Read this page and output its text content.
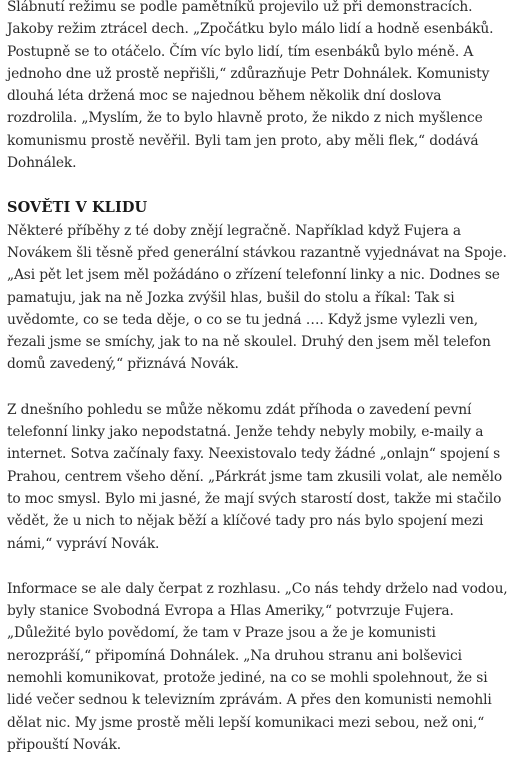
Slábnutí režimu se podle pamětníků projevilo už při demonstracích. Jakoby režim ztrácel dech. „Zpočátku bylo málo lidí a hodně esenbáků. Postupně se to otáčelo. Čím víc bylo lidí, tím esenbáků bylo méně. A jednoho dne už prostě nepřišli,“ zdůrazňuje Petr Dohnálek. Komunisty dlouhá léta držená moc se najednou během několik dní doslova rozdrolila. „Myslím, že to bylo hlavně proto, že nikdo z nich myšlence komunismu prostě nevěřil. Byli tam jen proto, aby měli flek,“ dodává Dohnálek.

SOVĚTI V KLIDU

Některé příběhy z té doby znějí legračně. Například když Fujera a Novákem šli těsně před generální stávkou razantně vyjednávat na Spoje. „Asi pět let jsem měl požádáno o zřízení telefonní linky a nic. Dodnes se pamatuju, jak na ně Jozka zvýšil hlas, bušil do stolu a říkal: Tak si uvědomte, co se teda děje, o co se tu jedná …. Když jsme vylezli ven, řezali jsme se smíchy, jak to na ně skoulel. Druhý den jsem měl telefon domů zavedený,“ přiznává Novák.

Z dnešního pohledu se může někomu zdát příhoda o zavedení pevní telefonní linky jako nepodstatná. Jenže tehdy nebyly mobily, e-maily a internet. Sotva začínaly faxy. Neexistovalo tedy žádné „onlajn“ spojení s Prahou, centrem všeho dění. „Párkrát jsme tam zkusili volat, ale nemělo to moc smysl. Bylo mi jasné, že mají svých starostí dost, takže mi stačilo vědět, že u nich to nějak běží a klíčové tady pro nás bylo spojení mezi námi,“ vypráví Novák.

Informace se ale daly čerpat z rozhlasu. „Co nás tehdy drželo nad vodou, byly stanice Svobodná Evropa a Hlas Ameriky,“ potvrzuje Fujera. „Důležité bylo povědomí, že tam v Praze jsou a že je komunisti nerozpráší,“ připomíná Dohnálek. „Na druhou stranu ani bolševici nemohli komunikovat, protože jediné, na co se mohli spolehnout, že si lidé večer sednou k televizním zprávám. A přes den komunisti nemohli dělat nic. My jsme prostě měli lepší komunikaci mezi sebou, než oni,“ připouští Novák.
